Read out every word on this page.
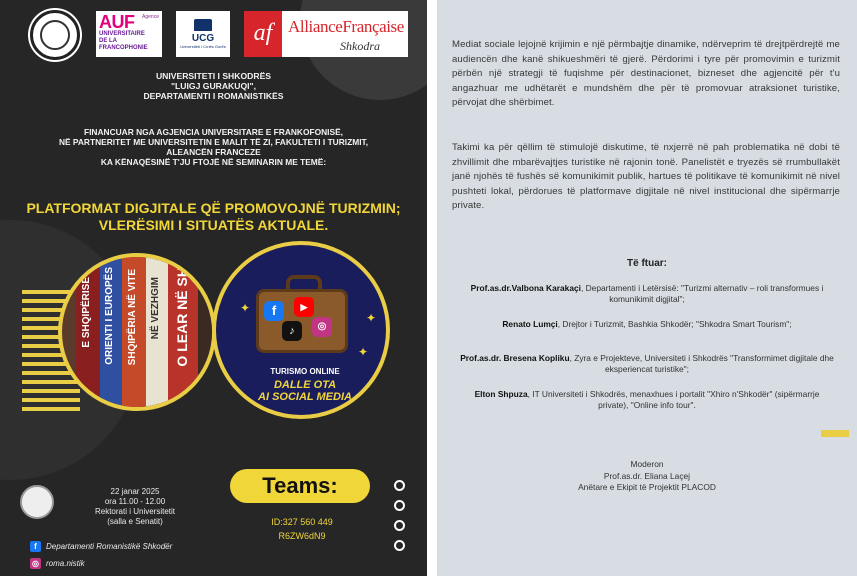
Agence
AUF
UNIVERSITAIRE
DE LA FRANCOPHONIE
UCG
Universiteti i Crnës Gorës
af AllianceFrançaise
Shkodra
UNIVERSITETI I SHKODRËS
"LUIGJ GURAKUQI",
DEPARTAMENTI I ROMANISTIKËS
FINANCUAR NGA AGJENCIA UNIVERSITARE E FRANKOFONISË,
NË PARTNERITET ME UNIVERSITETIN E MALIT TË ZI, FAKULTETI I TURIZMIT,
ALEANCËN FRANCEZE
KA KËNAQËSINË T'JU FTOJË NË SEMINARIN ME TEMË:
PLATFORMAT DIGJITALE QË PROMOVOJNË TURIZMIN;
VLERËSIMI I SITUATËS AKTUALE.
E SHQIPËRISË ORIENTI I EUROPËS SHQIPËRIA NË VITE NË VEZHGIM O LEAR NË SH	f	▶
♪	◎
✦
✦
✦
TURISMO ONLINE
DALLE OTA
AI SOCIAL MEDIA
22 janar 2025
ora 11.00 - 12.00
Rektorati i Universitetit
(salla e Senatit)
Teams:
ID:327 560 449
R6ZW6dN9
f	Departamenti Romanistikë Shkodër
◎ roma.nistik
Mediat sociale lejojnë krijimin e një përmbajtje dinamike, ndërveprim të drejtpërdrejtë me audiencën dhe kanë shikueshmëri të gjerë. Përdorimi i tyre për promovimin e turizmit përbën një strategji të fuqishme për destinacionet, bizneset dhe agjencitë për t'u angazhuar me udhëtarët e mundshëm dhe për të promovuar atraksionet turistike, përvojat dhe shërbimet.
Takimi ka për qëllim të stimulojë diskutime, të nxjerrë në pah problematika në dobi të zhvillimit dhe mbarëvajtjes turistike në rajonin tonë. Panelistët e tryezës së rrumbullakët janë njohës të fushës së komunikimit publik, hartues të politikave të komunikimit në nivel pushteti lokal, përdorues të platformave digjitale në nivel institucional dhe sipërmarrje private.
Të ftuar:
Prof.as.dr.Valbona Karakaçi, Departamenti i Letërsisë: "Turizmi alternativ – roli transformues i komunikimit digjital";
Renato Lumçi, Drejtor i Turizmit, Bashkia Shkodër; "Shkodra Smart Tourism";
Prof.as.dr. Bresena Kopliku, Zyra e Projekteve, Universiteti i Shkodrës "Transformimet digjitale dhe eksperiencat turistike";
Elton Shpuza, IT Universiteti i Shkodrës, menaxhues i portalit "Xhiro n'Shkodër" (sipërmarrje private), "Online info tour".
Moderon
Prof.as.dr. Eliana Laçej
Anëtare e Ekipit të Projektit PLACOD
